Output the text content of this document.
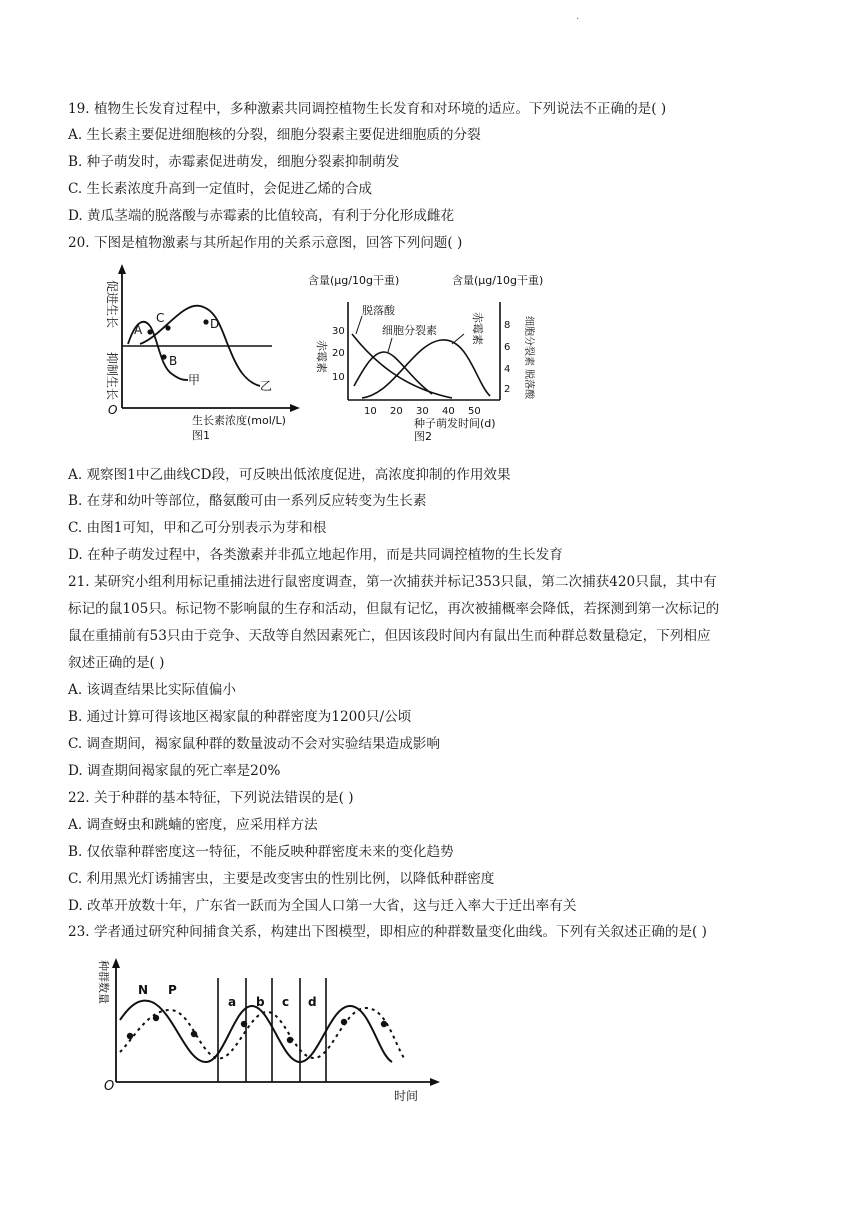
·
19. 植物生长发育过程中，多种激素共同调控植物生长发育和对环境的适应。下列说法不正确的是( )
A. 生长素主要促进细胞核的分裂，细胞分裂素主要促进细胞质的分裂
B. 种子萌发时，赤霉素促进萌发，细胞分裂素抑制萌发
C. 生长素浓度升高到一定值时，会促进乙烯的合成
D. 黄瓜茎端的脱落酸与赤霉素的比值较高，有利于分化形成雌花
20. 下图是植物激素与其所起作用的关系示意图，回答下列问题( )
促进生长
抑制生长
O
A
B
C	D
甲	乙
生长素浓度(mol/L)
图1
含量(μg/10g干重)	含量(μg/10g干重)
30
20
10
赤霉素
8
6
4
2 细胞分裂素 脱落酸
脱落酸
细胞分裂素	赤霉素
10 20 30 40 50
种子萌发时间(d)
图2
A. 观察图1中乙曲线CD段，可反映出低浓度促进，高浓度抑制的作用效果
B. 在芽和幼叶等部位，酪氨酸可由一系列反应转变为生长素
C. 由图1可知，甲和乙可分别表示为芽和根
D. 在种子萌发过程中，各类激素并非孤立地起作用，而是共同调控植物的生长发育
21. 某研究小组利用标记重捕法进行鼠密度调查，第一次捕获并标记353只鼠，第二次捕获420只鼠，其中有
标记的鼠105只。标记物不影响鼠的生存和活动，但鼠有记忆，再次被捕概率会降低，若探测到第一次标记的
鼠在重捕前有53只由于竞争、天敌等自然因素死亡，但因该段时间内有鼠出生而种群总数量稳定，下列相应
叙述正确的是( )
A. 该调查结果比实际值偏小
B. 通过计算可得该地区褐家鼠的种群密度为1200只/公顷
C. 调查期间，褐家鼠种群的数量波动不会对实验结果造成影响
D. 调查期间褐家鼠的死亡率是20%
22. 关于种群的基本特征，下列说法错误的是( )
A. 调查蚜虫和跳蝻的密度，应采用样方法
B. 仅依靠种群密度这一特征，不能反映种群密度未来的变化趋势
C. 利用黑光灯诱捕害虫，主要是改变害虫的性别比例，以降低种群密度
D. 改革开放数十年，广东省一跃而为全国人口第一大省，这与迁入率大于迁出率有关
23. 学者通过研究种间捕食关系，构建出下图模型，即相应的种群数量变化曲线。下列有关叙述正确的是( )
种群数量
O
时间
a b c d
N P
